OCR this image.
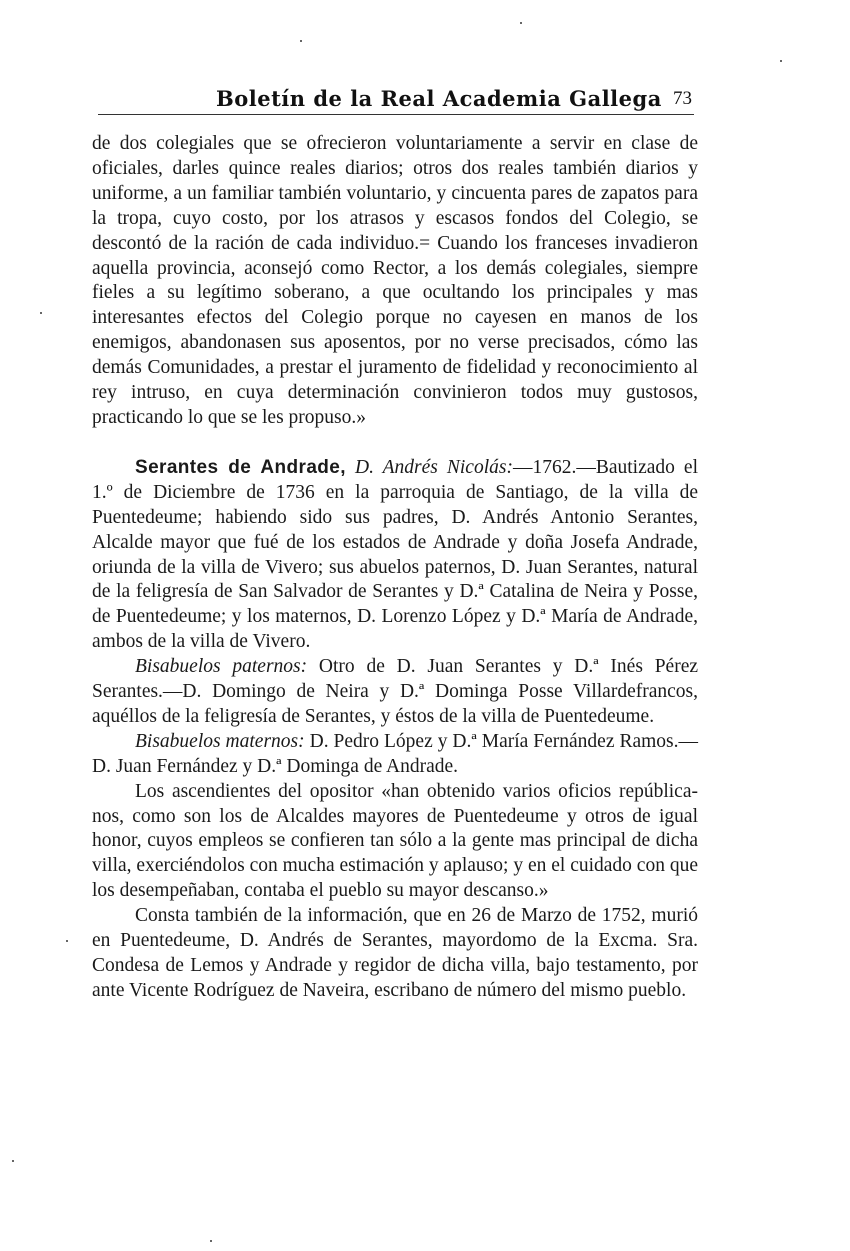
Boletín de la Real Academia Gallega 73

de dos colegiales que se ofrecieron voluntariamente a servir en clase de oficiales, darles quince reales diarios; otros dos reales también diarios y uniforme, a un familiar también voluntario, y cincuenta pares de zapatos para la tropa, cuyo costo, por los atrasos y escasos fondos del Colegio, se descontó de la ración de cada individuo.= Cuando los franceses invadieron aquella provincia, aconsejó como Rector, a los demás colegiales, siempre fieles a su legítimo soberano, a que ocultando los principales y mas interesantes efectos del Colegio porque no cayesen en manos de los enemigos, abandonasen sus aposentos, por no verse precisados, cómo las demás Comunidades, a prestar el juramento de fidelidad y reconocimiento al rey intruso, en cuya determinación convinieron todos muy gustosos, practicando lo que se les propuso.»

Serantes de Andrade, D. Andrés Nicolás:—1762.—Bautizado el 1.º de Diciembre de 1736 en la parroquia de Santiago, de la villa de Puentedeume; habiendo sido sus padres, D. Andrés Antonio Serantes, Alcalde mayor que fué de los estados de Andrade y doña Josefa Andrade, oriunda de la villa de Vivero; sus abuelos paternos, D. Juan Serantes, natural de la feligresía de San Salvador de Serantes y D.ª Catalina de Neira y Posse, de Puentedeume; y los maternos, D. Lorenzo López y D.ª María de Andrade, ambos de la villa de Vivero.

Bisabuelos paternos: Otro de D. Juan Serantes y D.ª Inés Pérez Serantes.—D. Domingo de Neira y D.ª Dominga Posse Villardefrancos, aquéllos de la feligresía de Serantes, y éstos de la villa de Puentedeume.

Bisabuelos maternos: D. Pedro López y D.ª María Fernández Ramos.—D. Juan Fernández y D.ª Dominga de Andrade.

Los ascendientes del opositor «han obtenido varios oficios repúblicanos, como son los de Alcaldes mayores de Puentedeume y otros de igual honor, cuyos empleos se confieren tan sólo a la gente mas principal de dicha villa, exerciéndolos con mucha estimación y aplauso; y en el cuidado con que los desempeñaban, contaba el pueblo su mayor descanso.»

Consta también de la información, que en 26 de Marzo de 1752, murió en Puentedeume, D. Andrés de Serantes, mayordomo de la Excma. Sra. Condesa de Lemos y Andrade y regidor de dicha villa, bajo testamento, por ante Vicente Rodríguez de Naveira, escribano de número del mismo pueblo.
